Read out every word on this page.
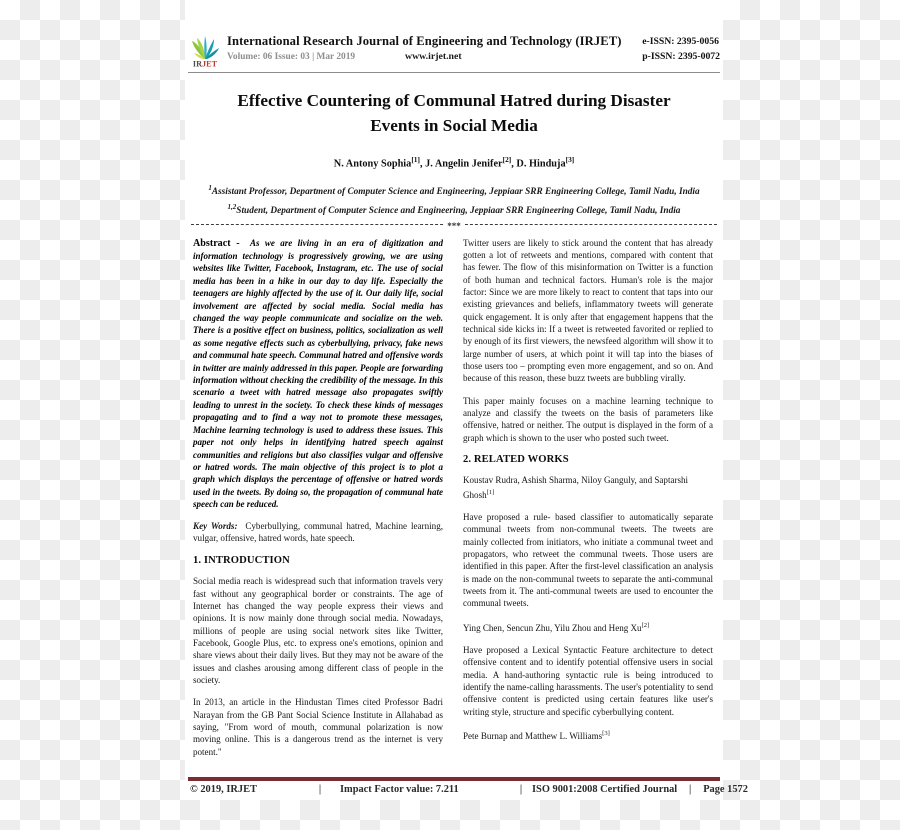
IRJET
International Research Journal of Engineering and Technology (IRJET)
Volume: 06 Issue: 03 | Mar 2019	www.irjet.net
e-ISSN: 2395-0056
p-ISSN: 2395-0072
Effective Countering of Communal Hatred during Disaster Events in Social Media
N. Antony Sophia[1], J. Angelin Jenifer[2], D. Hinduja[3]
$^1$Assistant Professor, Department of Computer Science and Engineering, Jeppiaar SRR Engineering College, Tamil Nadu, India
$^{1,2}$Student, Department of Computer Science and Engineering, Jeppiaar SRR Engineering College, Tamil Nadu, India
***

Abstract - As we are living in an era of digitization and information technology is progressively growing, we are using websites like Twitter, Facebook, Instagram, etc. The use of social media has been in a hike in our day to day life. Especially the teenagers are highly affected by the use of it. Our daily life, social involvement are affected by social media. Social media has changed the way people communicate and socialize on the web. There is a positive effect on business, politics, socialization as well as some negative effects such as cyberbullying, privacy, fake news and communal hate speech. Communal hatred and offensive words in twitter are mainly addressed in this paper. People are forwarding information without checking the credibility of the message. In this scenario a tweet with hatred message also propagates swiftly leading to unrest in the society. To check these kinds of messages propagating and to find a way not to promote these messages, Machine learning technology is used to address these issues. This paper not only helps in identifying hatred speech against communities and religions but also classifies vulgar and offensive or hatred words. The main objective of this project is to plot a graph which displays the percentage of offensive or hatred words used in the tweets. By doing so, the propagation of communal hate speech can be reduced.

Key Words: Cyberbullying, communal hatred, Machine learning, vulgar, offensive, hatred words, hate speech.

1. INTRODUCTION

Social media reach is widespread such that information travels very fast without any geographical border or constraints. The age of Internet has changed the way people express their views and opinions. It is now mainly done through social media. Nowadays, millions of people are using social network sites like Twitter, Facebook, Google Plus, etc. to express one's emotions, opinion and share views about their daily lives. But they may not be aware of the issues and clashes arousing among different class of people in the society.

In 2013, an article in the Hindustan Times cited Professor Badri Narayan from the GB Pant Social Science Institute in Allahabad as saying, "From word of mouth, communal polarization is now moving online. This is a dangerous trend as the internet is very potent."

Twitter users are likely to stick around the content that has already gotten a lot of retweets and mentions, compared with content that has fewer. The flow of this misinformation on Twitter is a function of both human and technical factors. Human's role is the major factor: Since we are more likely to react to content that taps into our existing grievances and beliefs, inflammatory tweets will generate quick engagement. It is only after that engagement happens that the technical side kicks in: If a tweet is retweeted favorited or replied to by enough of its first viewers, the newsfeed algorithm will show it to large number of users, at which point it will tap into the biases of those users too – prompting even more engagement, and so on. And because of this reason, these buzz tweets are bubbling virally.

This paper mainly focuses on a machine learning technique to analyze and classify the tweets on the basis of parameters like offensive, hatred or neither. The output is displayed in the form of a graph which is shown to the user who posted such tweet.

2. RELATED WORKS

Koustav Rudra, Ashish Sharma, Niloy Ganguly, and Saptarshi Ghosh[1]

Have proposed a rule- based classifier to automatically separate communal tweets from non-communal tweets. The tweets are mainly collected from initiators, who initiate a communal tweet and propagators, who retweet the communal tweets. Those users are identified in this paper. After the first-level classification an analysis is made on the non-communal tweets to separate the anti-communal tweets from it. The anti-communal tweets are used to encounter the communal tweets.

Ying Chen, Sencun Zhu, Yilu Zhou and Heng Xu[2]

Have proposed a Lexical Syntactic Feature architecture to detect offensive content and to identify potential offensive users in social media. A hand-authoring syntactic rule is being introduced to identify the name-calling harassments. The user's potentiality to send offensive content is predicted using certain features like user's writing style, structure and specific cyberbullying content.

Pete Burnap and Matthew L. Williams[3]

© 2019, IRJET	|	Impact Factor value: 7.211	| ISO 9001:2008 Certified Journal	|	Page 1572
